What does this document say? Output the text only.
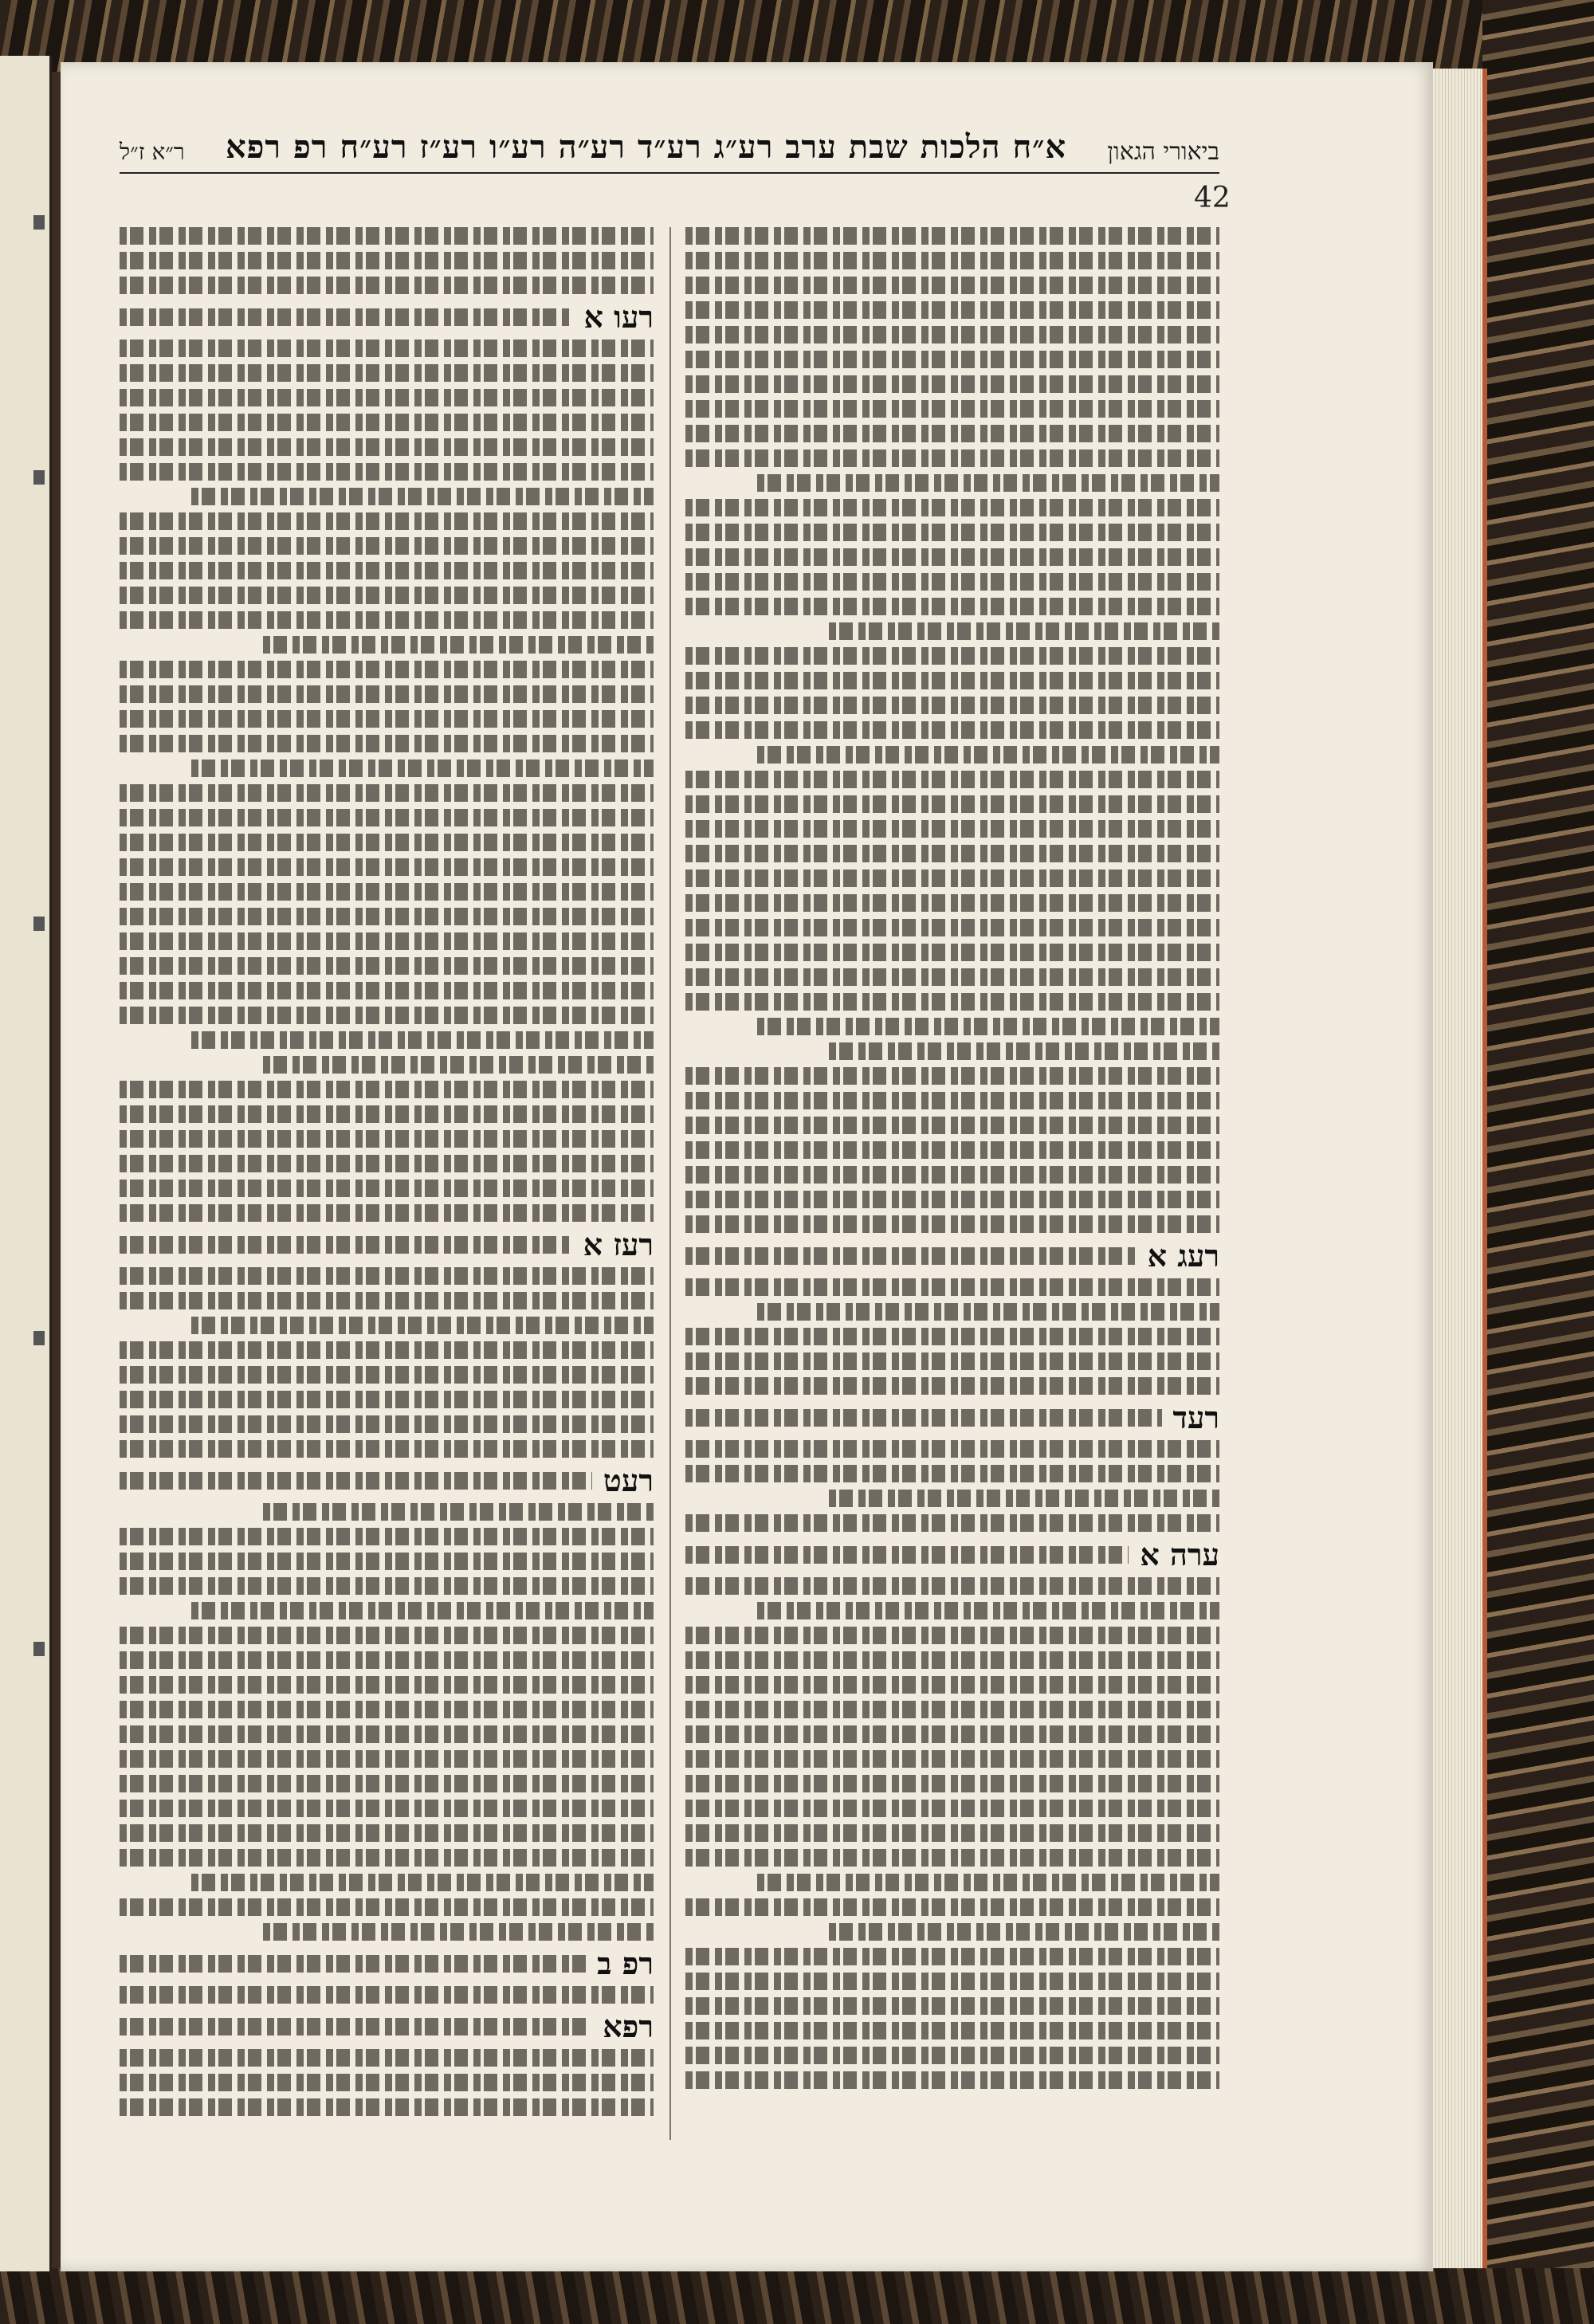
ביאורי הגאון
א״ח הלכות שבת ערב רע״ג רע״ד רע״ה רע״ו רע״ז רע״ח רפ רפא
ר״א ז״ל
42
רעג א
רעד
ערה א
רעו א
רעז א
רעט
רפ ב
רפא
